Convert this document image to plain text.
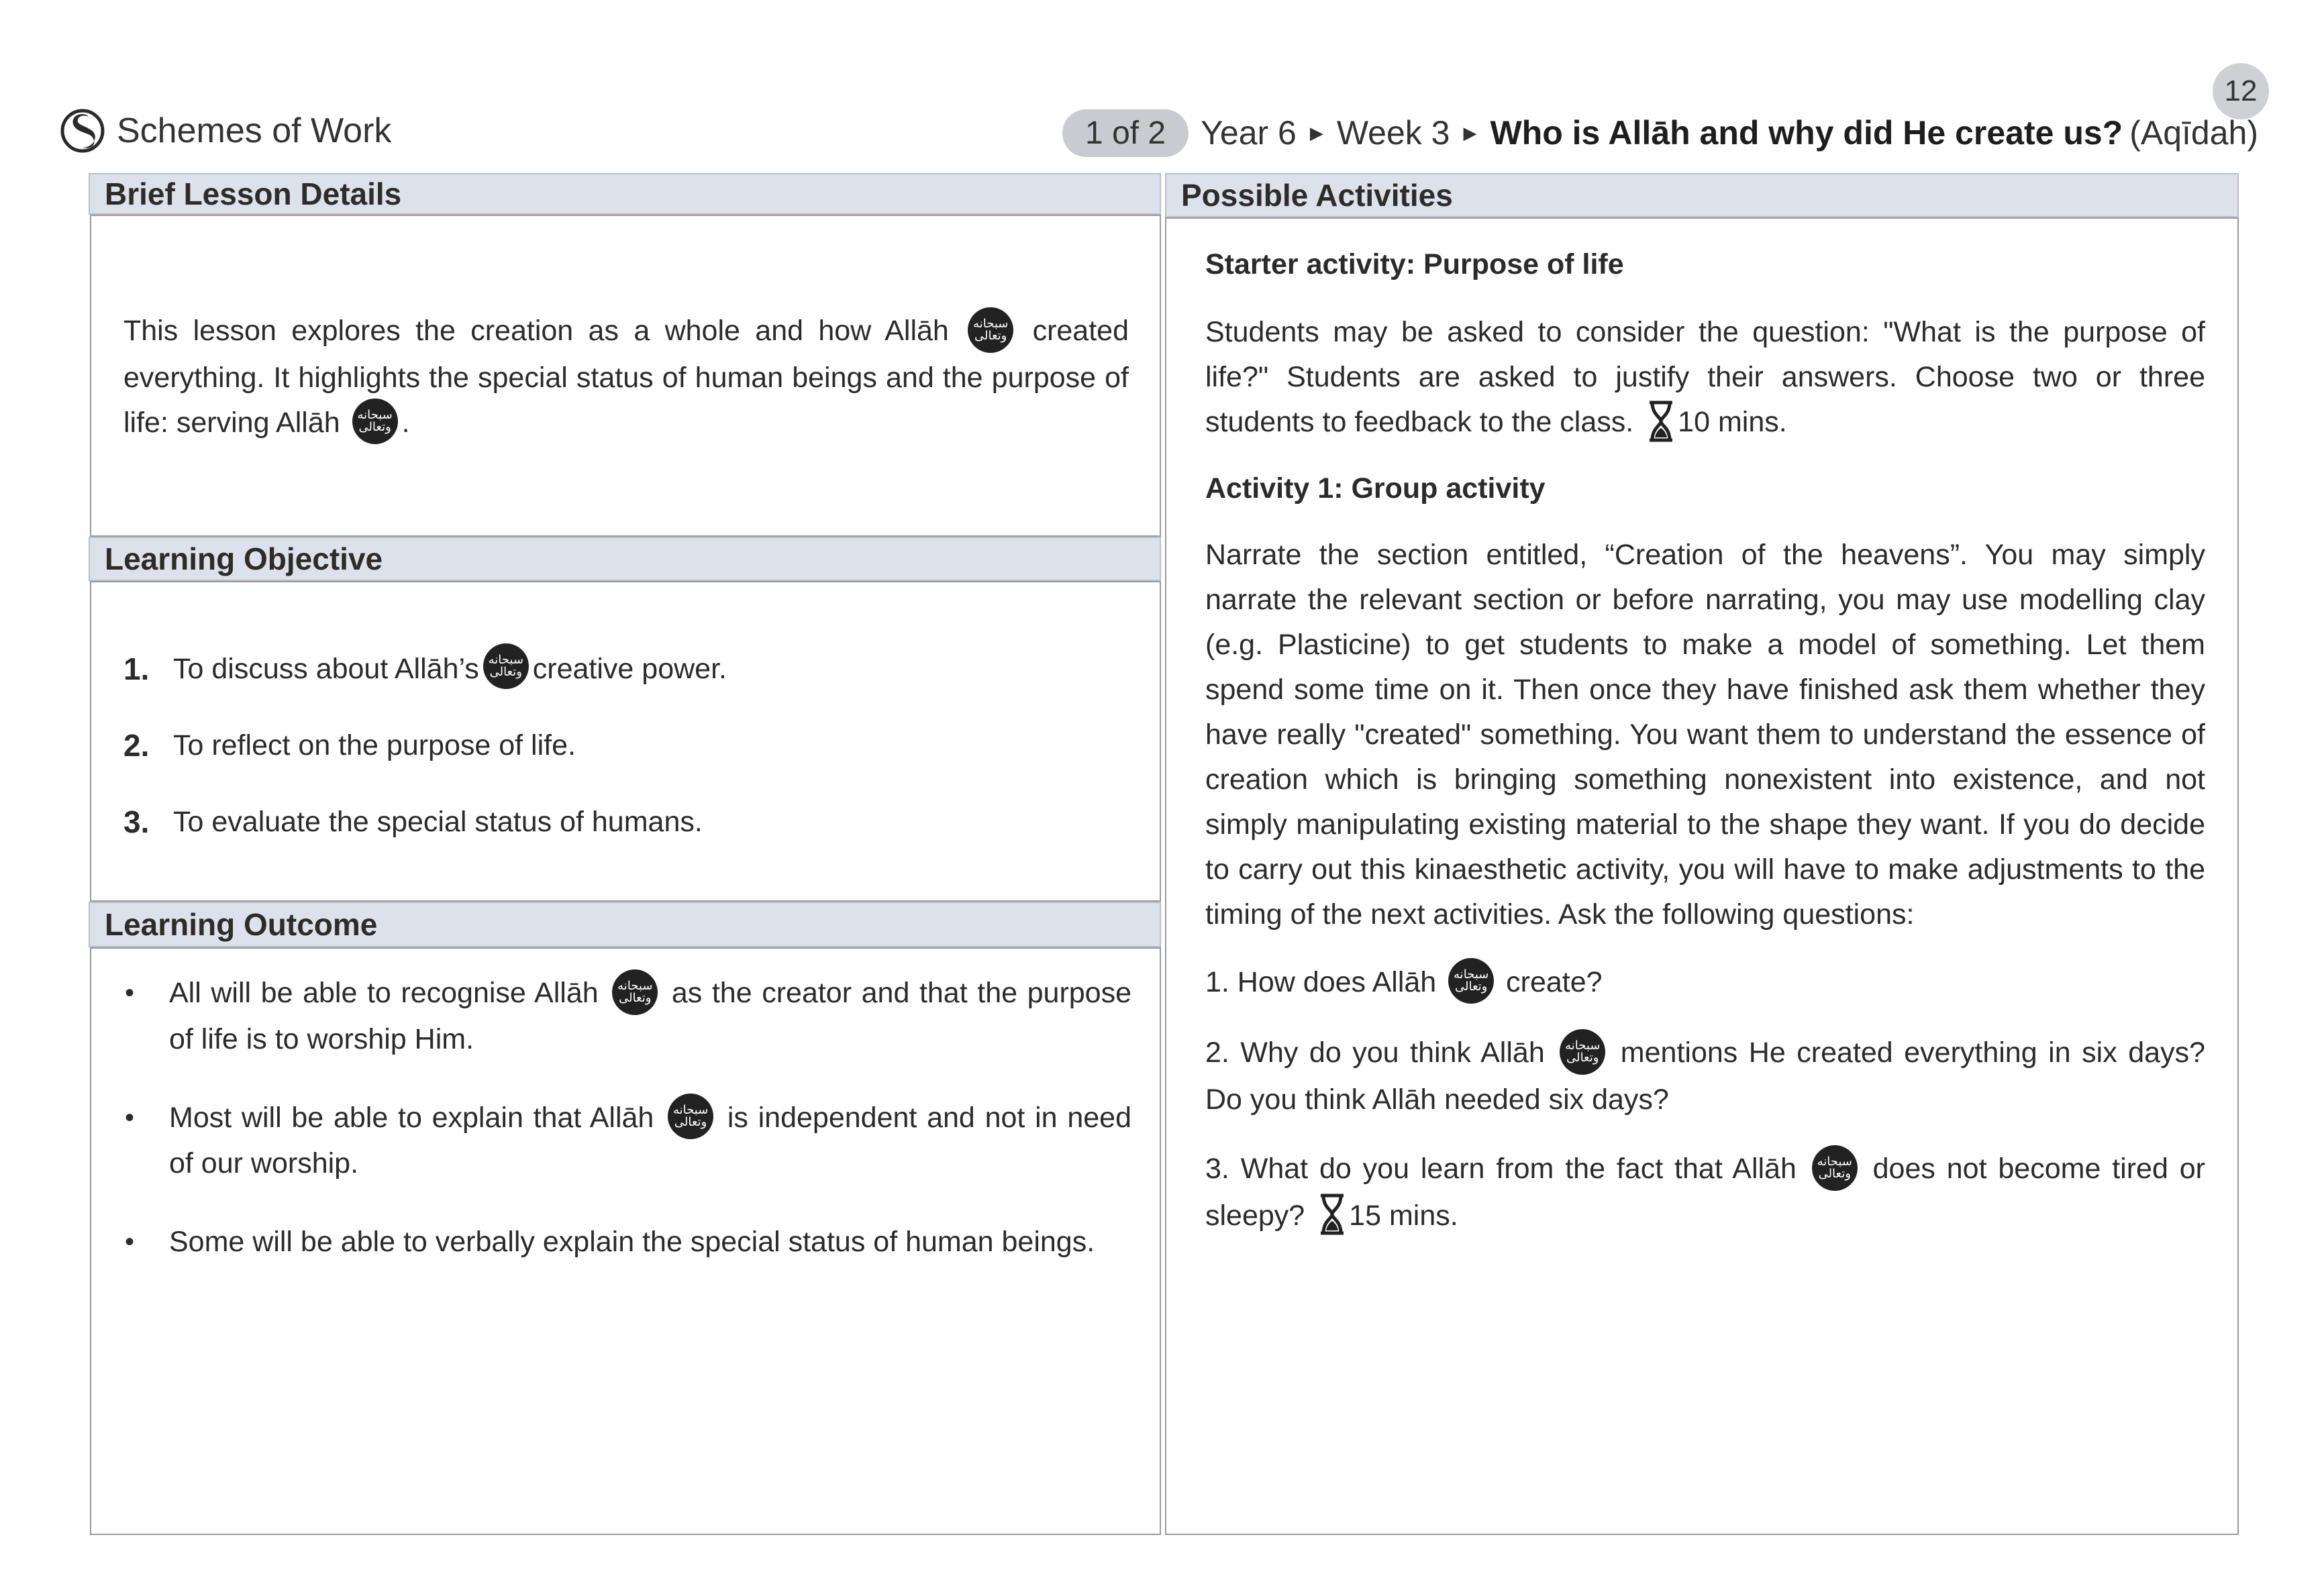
Schemes of Work
12
1 of 2	Year 6 ▶ Week 3 ▶ Who is Allāh and why did He create us? (Aqīdah)
Brief Lesson Details
This lesson explores the creation as a whole and how Allāh	سبحانه وتعالى created everything. It highlights the special status of human beings and the purpose of life: serving Allāh	سبحانه وتعالى .
Learning Objective
1. To discuss about Allāh’s سبحانه وتعالى creative power.
2. To reflect on the purpose of life.
3. To evaluate the special status of humans.
Learning Outcome
•	All will be able to recognise Allāh	سبحانه وتعالى as the creator and that the purpose of life is to worship Him.
•	Most will be able to explain that Allāh	سبحانه وتعالى is independent and not in need of our worship.
•	Some will be able to verbally explain the special status of human beings.
Possible Activities
Starter activity: Purpose of life
Students may be asked to consider the question: "What is the purpose of life?" Students are asked to justify their answers. Choose two or three students to feedback to the class. 10 mins.
Activity 1: Group activity
Narrate the section entitled, “Creation of the heavens”. You may simply narrate the relevant section or before narrating, you may use modelling clay (e.g. Plasticine) to get students to make a model of something. Let them spend some time on it. Then once they have finished ask them whether they have really "created" something. You want them to understand the essence of creation which is bringing something nonexistent into existence, and not simply manipulating existing material to the shape they want. If you do decide to carry out this kinaesthetic activity, you will have to make adjustments to the timing of the next activities. Ask the following questions:
1. How does Allāh	سبحانه وتعالى create?
2. Why do you think Allāh	سبحانه وتعالى mentions He created everything in six days? Do you think Allāh needed six days?
3. What do you learn from the fact that Allāh	سبحانه وتعالى does not become tired or sleepy? 15 mins.
